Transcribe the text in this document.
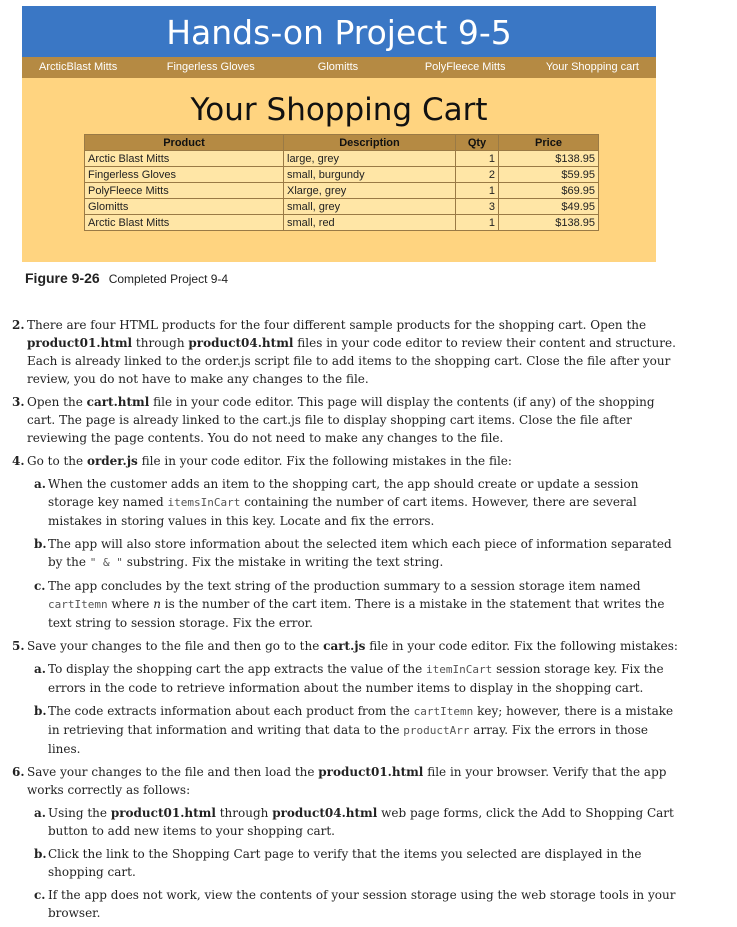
Hands-on Project 9-5
ArcticBlast Mitts	Fingerless Gloves	Glomitts	PolyFleece Mitts	Your Shopping cart
Your Shopping Cart
Product	Description	Qty	Price
Arctic Blast Mitts	large, grey	1	$138.95
Fingerless Gloves	small, burgundy	2	$59.95
PolyFleece Mitts	Xlarge, grey	1	$69.95
Glomitts	small, grey	3	$49.95
Arctic Blast Mitts	small, red	1	$138.95
Figure 9-26 Completed Project 9-4
2. There are four HTML products for the four different sample products for the shopping cart. Open the product01.html through product04.html files in your code editor to review their content and structure. Each is already linked to the order.js script file to add items to the shopping cart. Close the file after your review, you do not have to make any changes to the file.
3. Open the cart.html file in your code editor. This page will display the contents (if any) of the shopping cart. The page is already linked to the cart.js file to display shopping cart items. Close the file after reviewing the page contents. You do not need to make any changes to the file.
4. Go to the order.js file in your code editor. Fix the following mistakes in the file:
a. When the customer adds an item to the shopping cart, the app should create or update a session storage key named itemsInCart containing the number of cart items. However, there are several mistakes in storing values in this key. Locate and fix the errors.
b. The app will also store information about the selected item which each piece of information separated by the " & " substring. Fix the mistake in writing the text string.
c. The app concludes by the text string of the production summary to a session storage item named cartItemn where n is the number of the cart item. There is a mistake in the statement that writes the text string to session storage. Fix the error.
5. Save your changes to the file and then go to the cart.js file in your code editor. Fix the following mistakes:
a. To display the shopping cart the app extracts the value of the itemInCart session storage key. Fix the errors in the code to retrieve information about the number items to display in the shopping cart.
b. The code extracts information about each product from the cartItemn key; however, there is a mistake in retrieving that information and writing that data to the productArr array. Fix the errors in those lines.
6. Save your changes to the file and then load the product01.html file in your browser. Verify that the app works correctly as follows:
a. Using the product01.html through product04.html web page forms, click the Add to Shopping Cart button to add new items to your shopping cart.
b. Click the link to the Shopping Cart page to verify that the items you selected are displayed in the shopping cart.
c. If the app does not work, view the contents of your session storage using the web storage tools in your browser.
